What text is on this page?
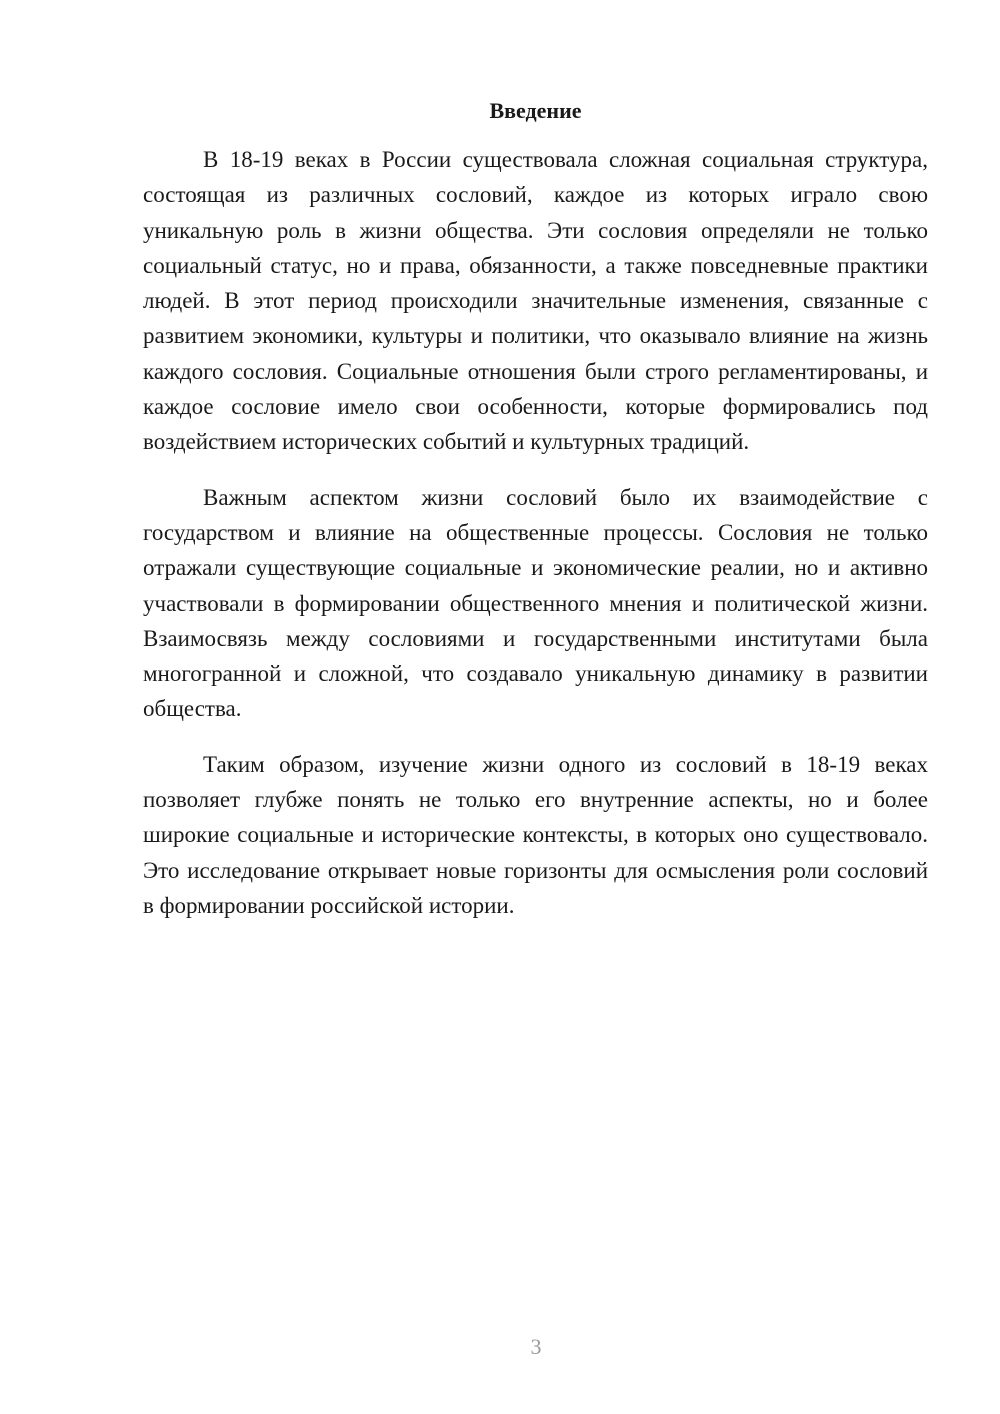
Введение

В 18-19 веках в России существовала сложная социальная структура, состоящая из различных сословий, каждое из которых играло свою уникальную роль в жизни общества. Эти сословия определяли не только социальный статус, но и права, обязанности, а также повседневные практики людей. В этот период происходили значительные изменения, связанные с развитием экономики, культуры и политики, что оказывало влияние на жизнь каждого сословия. Социальные отношения были строго регламентированы, и каждое сословие имело свои особенности, которые формировались под воздействием исторических событий и культурных традиций.

Важным аспектом жизни сословий было их взаимодействие с государством и влияние на общественные процессы. Сословия не только отражали существующие социальные и экономические реалии, но и активно участвовали в формировании общественного мнения и политической жизни. Взаимосвязь между сословиями и государственными институтами была многогранной и сложной, что создавало уникальную динамику в развитии общества.

Таким образом, изучение жизни одного из сословий в 18-19 веках позволяет глубже понять не только его внутренние аспекты, но и более широкие социальные и исторические контексты, в которых оно существовало. Это исследование открывает новые горизонты для осмысления роли сословий в формировании российской истории.

3
